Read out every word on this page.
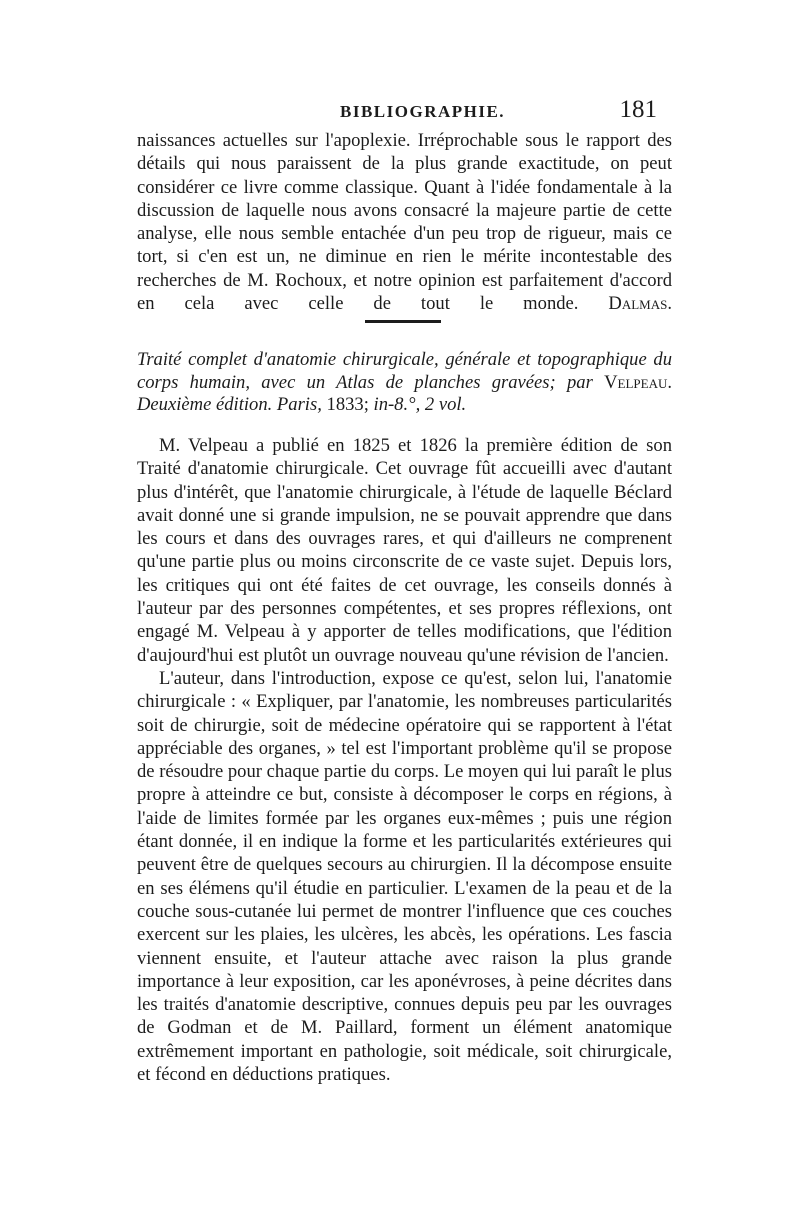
BIBLIOGRAPHIE.	181

naissances actuelles sur l'apoplexie. Irréprochable sous le rapport des détails qui nous paraissent de la plus grande exactitude, on peut considérer ce livre comme classique. Quant à l'idée fondamentale à la discussion de laquelle nous avons consacré la majeure partie de cette analyse, elle nous semble entachée d'un peu trop de rigueur, mais ce tort, si c'en est un, ne diminue en rien le mérite incontestable des recherches de M. Rochoux, et notre opinion est parfaitement d'accord en cela avec celle de tout le monde. Dalmas.

Traité complet d'anatomie chirurgicale, générale et topographique du corps humain, avec un Atlas de planches gravées; par Velpeau. Deuxième édition. Paris, 1833; in-8.°, 2 vol.

M. Velpeau a publié en 1825 et 1826 la première édition de son Traité d'anatomie chirurgicale. Cet ouvrage fût accueilli avec d'autant plus d'intérêt, que l'anatomie chirurgicale, à l'étude de laquelle Béclard avait donné une si grande impulsion, ne se pouvait apprendre que dans les cours et dans des ouvrages rares, et qui d'ailleurs ne comprenent qu'une partie plus ou moins circonscrite de ce vaste sujet. Depuis lors, les critiques qui ont été faites de cet ouvrage, les conseils donnés à l'auteur par des personnes compétentes, et ses propres réflexions, ont engagé M. Velpeau à y apporter de telles modifications, que l'édition d'aujourd'hui est plutôt un ouvrage nouveau qu'une révision de l'ancien.

L'auteur, dans l'introduction, expose ce qu'est, selon lui, l'anatomie chirurgicale : « Expliquer, par l'anatomie, les nombreuses particularités soit de chirurgie, soit de médecine opératoire qui se rapportent à l'état appréciable des organes, » tel est l'important problème qu'il se propose de résoudre pour chaque partie du corps. Le moyen qui lui paraît le plus propre à atteindre ce but, consiste à décomposer le corps en régions, à l'aide de limites formée par les organes eux-mêmes ; puis une région étant donnée, il en indique la forme et les particularités extérieures qui peuvent être de quelques secours au chirurgien. Il la décompose ensuite en ses élémens qu'il étudie en particulier. L'examen de la peau et de la couche sous-cutanée lui permet de montrer l'influence que ces couches exercent sur les plaies, les ulcères, les abcès, les opérations. Les fascia viennent ensuite, et l'auteur attache avec raison la plus grande importance à leur exposition, car les aponévroses, à peine décrites dans les traités d'anatomie descriptive, connues depuis peu par les ouvrages de Godman et de M. Paillard, forment un élément anatomique extrêmement important en pathologie, soit médicale, soit chirurgicale, et fécond en déductions pratiques.
